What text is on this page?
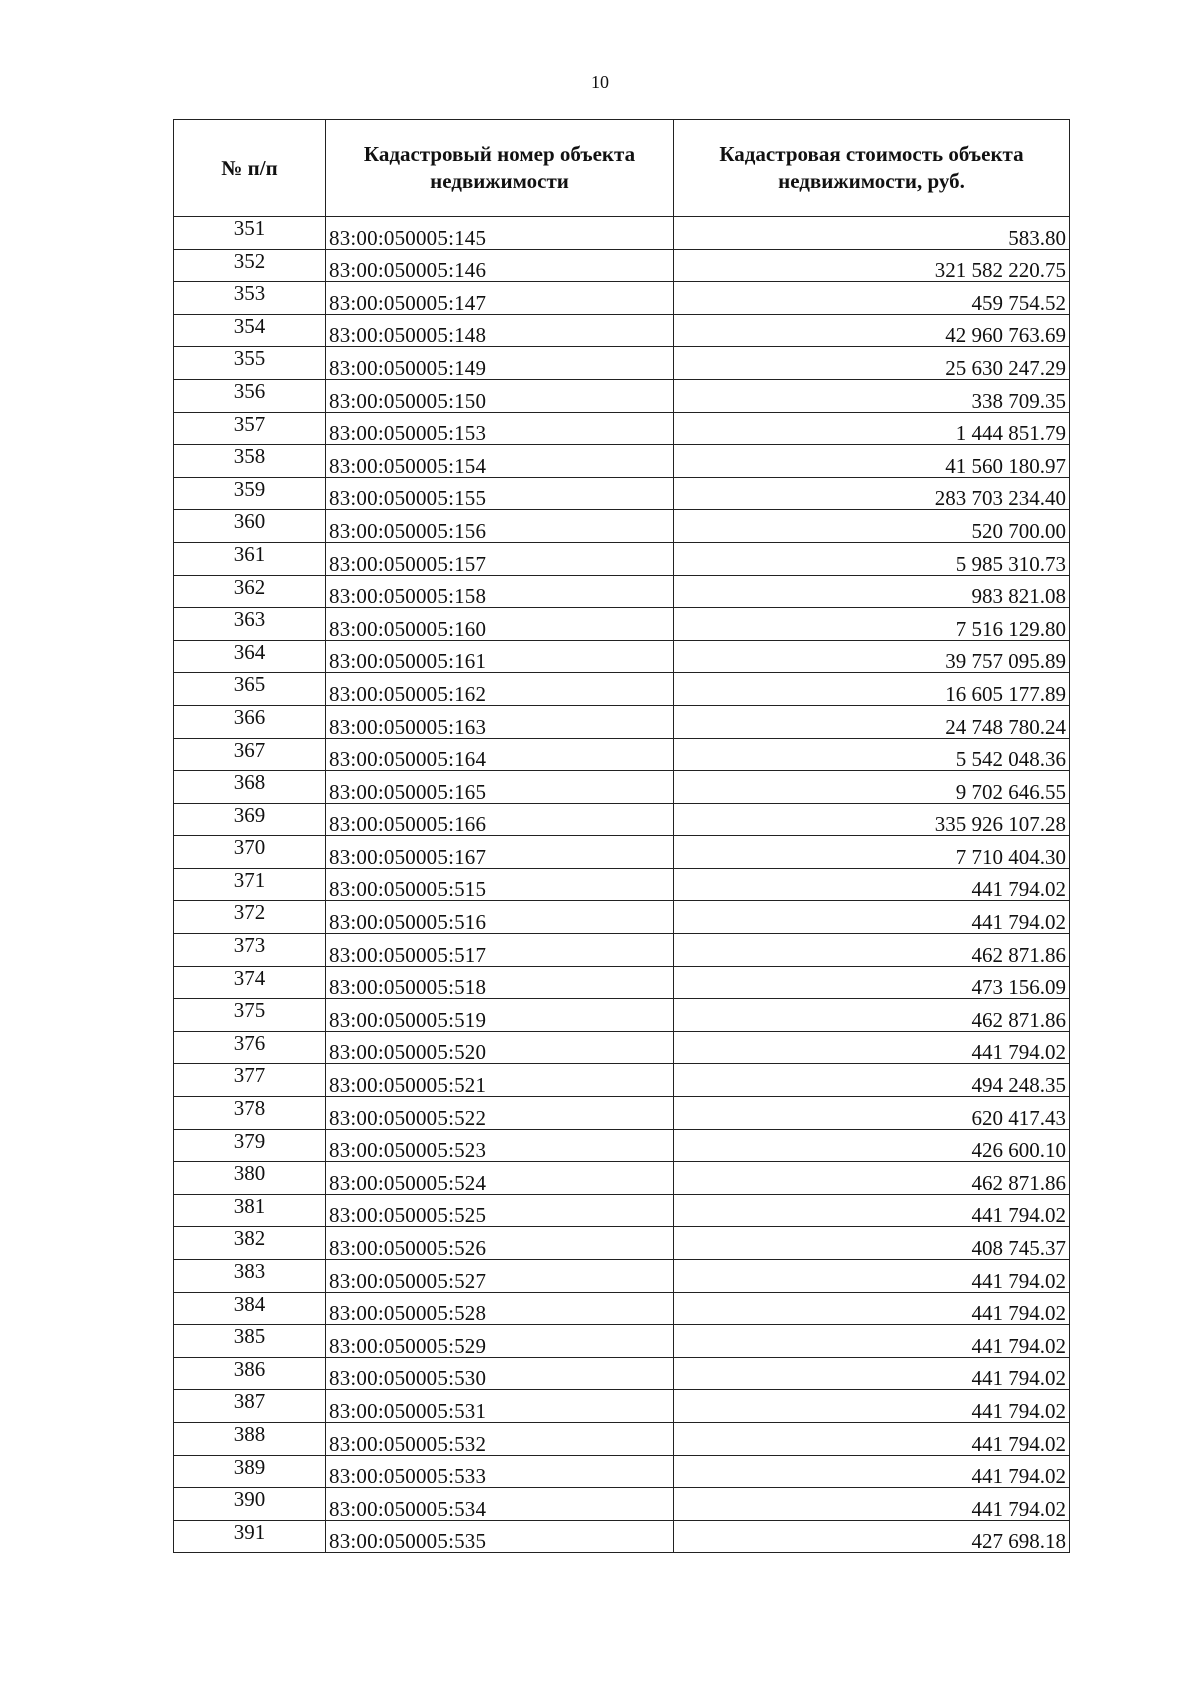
10
№ п/п	Кадастровый номер объекта недвижимости	Кадастровая стоимость объекта недвижимости, руб.
351	83:00:050005:145	583.80
352	83:00:050005:146	321 582 220.75
353	83:00:050005:147	459 754.52
354	83:00:050005:148	42 960 763.69
355	83:00:050005:149	25 630 247.29
356	83:00:050005:150	338 709.35
357	83:00:050005:153	1 444 851.79
358	83:00:050005:154	41 560 180.97
359	83:00:050005:155	283 703 234.40
360	83:00:050005:156	520 700.00
361	83:00:050005:157	5 985 310.73
362	83:00:050005:158	983 821.08
363	83:00:050005:160	7 516 129.80
364	83:00:050005:161	39 757 095.89
365	83:00:050005:162	16 605 177.89
366	83:00:050005:163	24 748 780.24
367	83:00:050005:164	5 542 048.36
368	83:00:050005:165	9 702 646.55
369	83:00:050005:166	335 926 107.28
370	83:00:050005:167	7 710 404.30
371	83:00:050005:515	441 794.02
372	83:00:050005:516	441 794.02
373	83:00:050005:517	462 871.86
374	83:00:050005:518	473 156.09
375	83:00:050005:519	462 871.86
376	83:00:050005:520	441 794.02
377	83:00:050005:521	494 248.35
378	83:00:050005:522	620 417.43
379	83:00:050005:523	426 600.10
380	83:00:050005:524	462 871.86
381	83:00:050005:525	441 794.02
382	83:00:050005:526	408 745.37
383	83:00:050005:527	441 794.02
384	83:00:050005:528	441 794.02
385	83:00:050005:529	441 794.02
386	83:00:050005:530	441 794.02
387	83:00:050005:531	441 794.02
388	83:00:050005:532	441 794.02
389	83:00:050005:533	441 794.02
390	83:00:050005:534	441 794.02
391	83:00:050005:535	427 698.18
